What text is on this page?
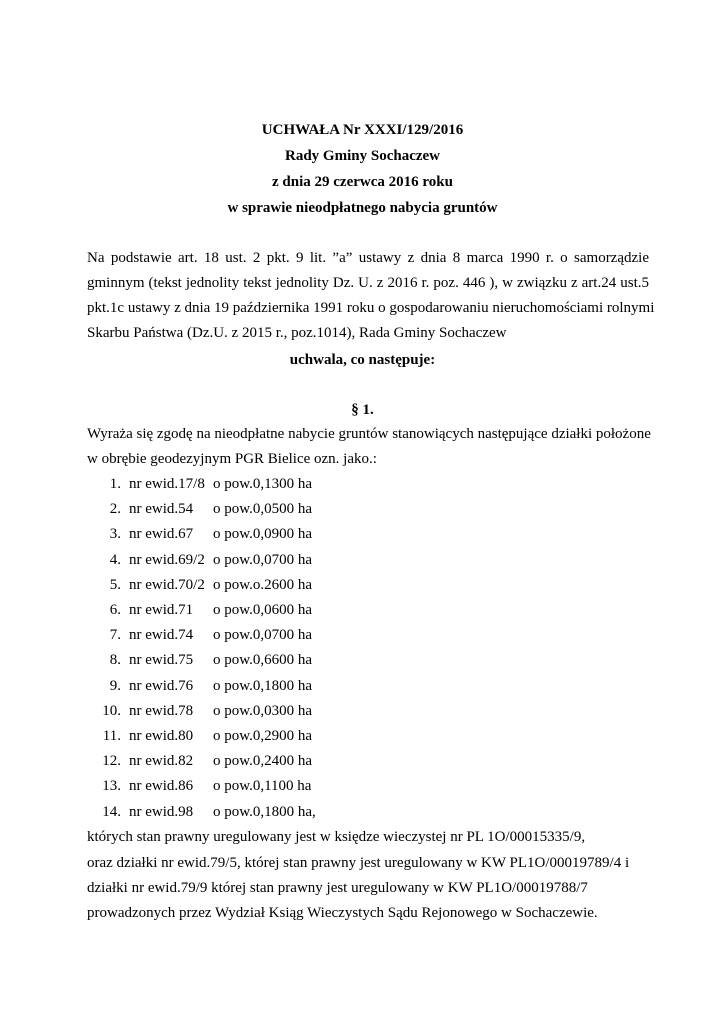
UCHWAŁA Nr XXXI/129/2016
Rady Gminy Sochaczew
z dnia 29 czerwca 2016 roku
w sprawie nieodpłatnego nabycia gruntów
Na podstawie art. 18 ust. 2 pkt. 9 lit. ”a” ustawy z dnia 8 marca 1990 r. o samorządzie
gminnym (tekst jednolity tekst jednolity Dz. U. z 2016 r. poz. 446 ), w związku z art.24 ust.5
pkt.1c ustawy z dnia 19 października 1991 roku o gospodarowaniu nieruchomościami rolnymi
Skarbu Państwa (Dz.U. z 2015 r., poz.1014), Rada Gminy Sochaczew
uchwala, co następuje:
§ 1.
Wyraża się zgodę na nieodpłatne nabycie gruntów stanowiących następujące działki położone
w obrębie geodezyjnym PGR Bielice ozn. jako.:
1. nr ewid.17/8 o pow.0,1300 ha
2. nr ewid.54 o pow.0,0500 ha
3. nr ewid.67 o pow.0,0900 ha
4. nr ewid.69/2 o pow.0,0700 ha
5. nr ewid.70/2 o pow.o.2600 ha
6. nr ewid.71 o pow.0,0600 ha
7. nr ewid.74 o pow.0,0700 ha
8. nr ewid.75 o pow.0,6600 ha
9. nr ewid.76 o pow.0,1800 ha
10. nr ewid.78 o pow.0,0300 ha
11. nr ewid.80 o pow.0,2900 ha
12. nr ewid.82 o pow.0,2400 ha
13. nr ewid.86 o pow.0,1100 ha
14. nr ewid.98 o pow.0,1800 ha,
których stan prawny uregulowany jest w księdze wieczystej nr PL 1O/00015335/9,
oraz działki nr ewid.79/5, której stan prawny jest uregulowany w KW PL1O/00019789/4 i
działki nr ewid.79/9 której stan prawny jest uregulowany w KW PL1O/00019788/7
prowadzonych przez Wydział Ksiąg Wieczystych Sądu Rejonowego w Sochaczewie.
